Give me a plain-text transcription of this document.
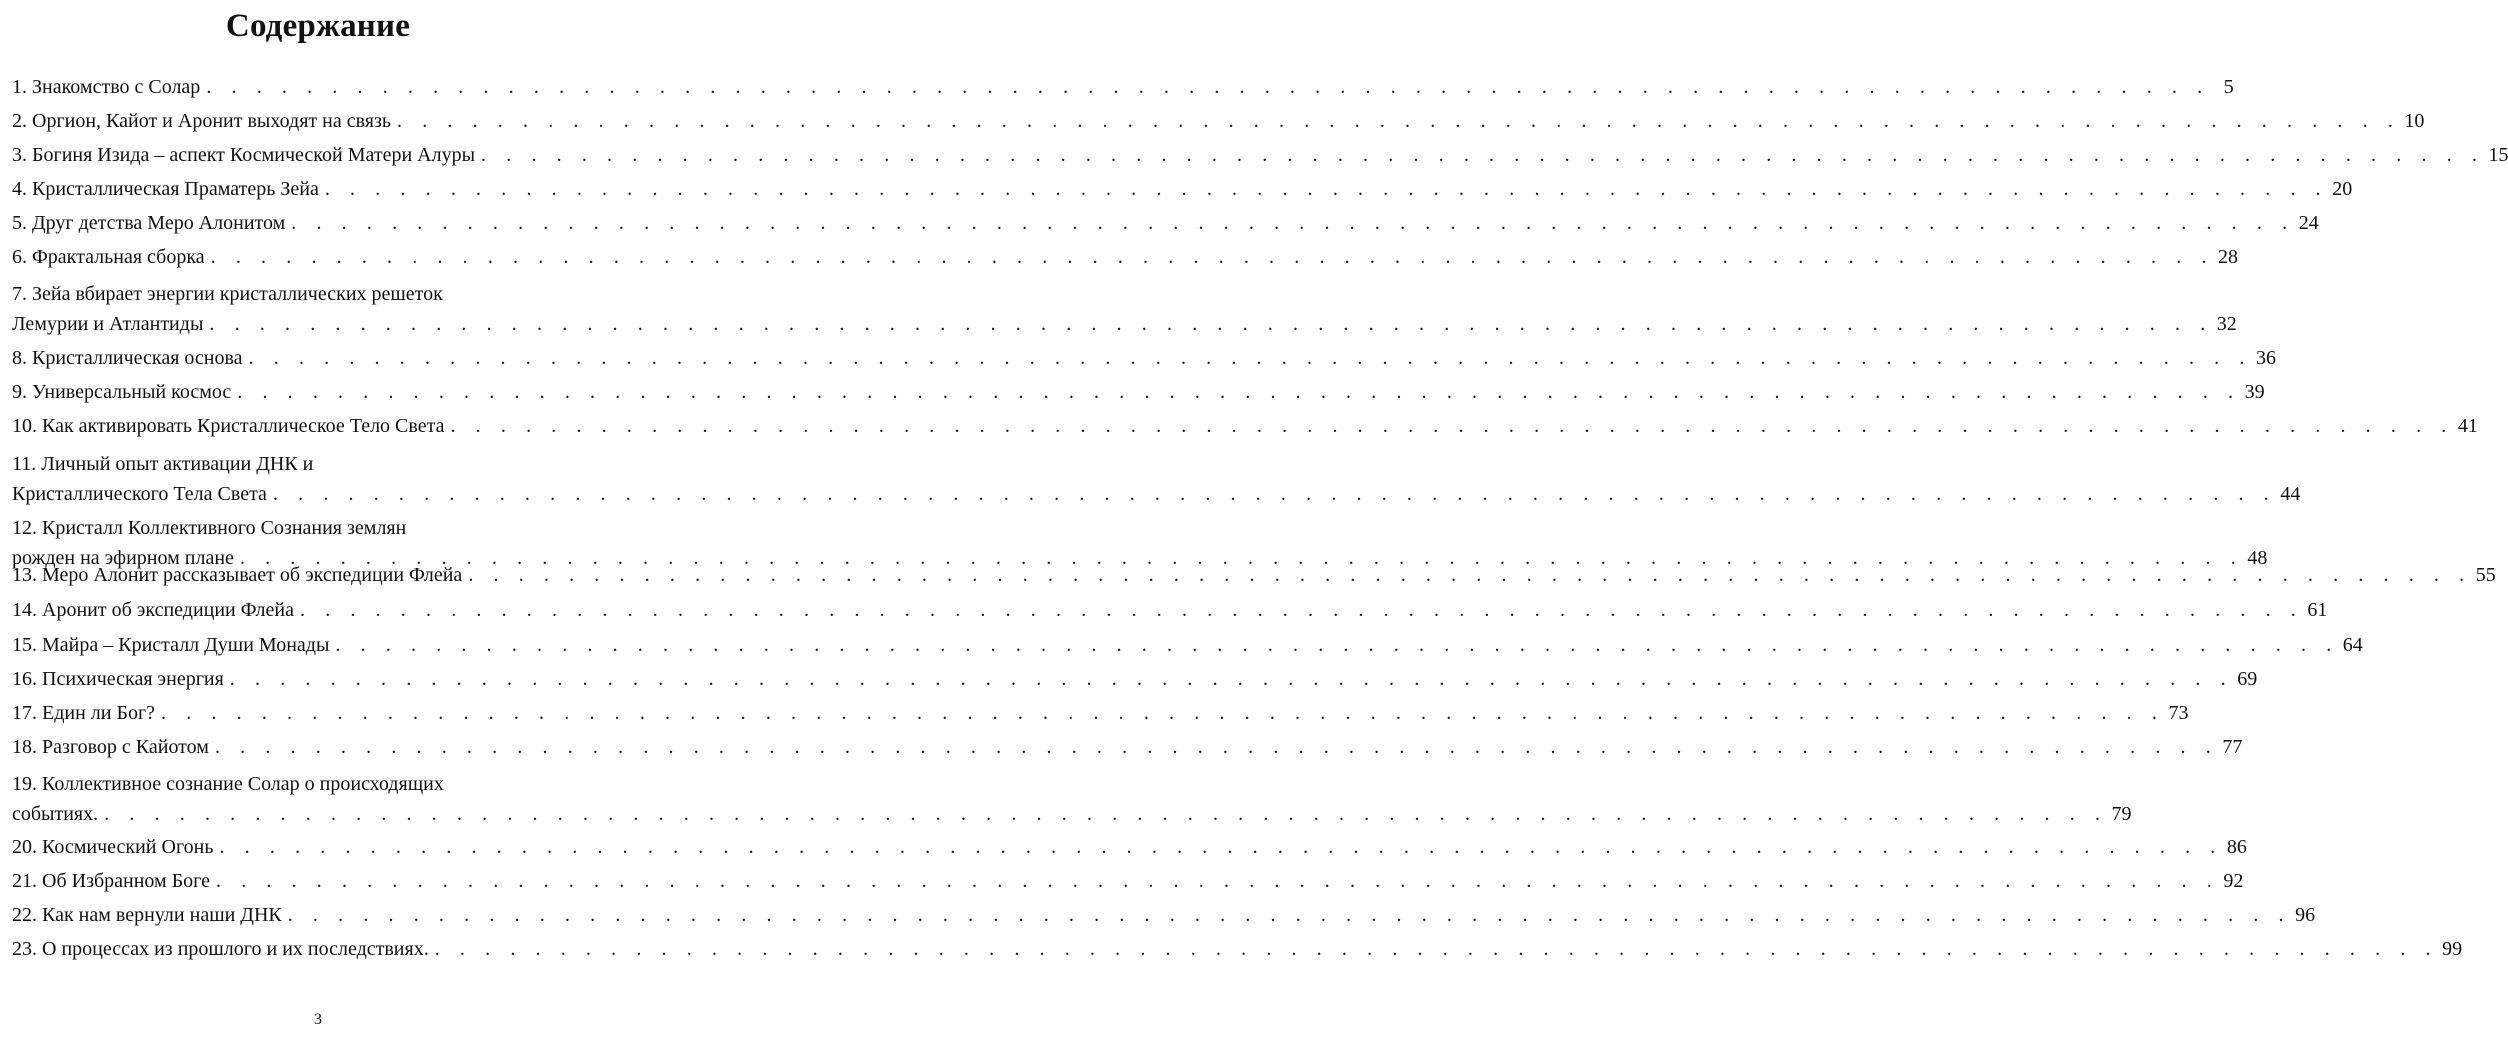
Содержание
1. Знакомство с Солар . . . . . . . . . . . . . . . . . . . . . . . . . . . . . . . . . . . . . . . . . . . . . . . . . . . . . . . . . . . . . . . . . . . . . . . . . . . . . . . . 5
2. Оргион, Кайот и Аронит выходят на связь . . . . . . . . . . . . . . . . . . . . . . . . . . . . . . . . . . . . . . . . . . . . . . . . . . . . . . . . . . . . . . . . . . . . . . . . . . . . . . . . 10
3. Богиня Изида – аспект Космической Матери Алуры . . . . . . . . . . . . . . . . . . . . . . . . . . . . . . . . . . . . . . . . . . . . . . . . . . . . . . . . . . . . . . . . . . . . . . . . . . . . . . . . 15
4. Кристаллическая Праматерь Зейа . . . . . . . . . . . . . . . . . . . . . . . . . . . . . . . . . . . . . . . . . . . . . . . . . . . . . . . . . . . . . . . . . . . . . . . . . . . . . . . . 20
5. Друг детства Меро Алонитом . . . . . . . . . . . . . . . . . . . . . . . . . . . . . . . . . . . . . . . . . . . . . . . . . . . . . . . . . . . . . . . . . . . . . . . . . . . . . . . . 24
6. Фрактальная сборка . . . . . . . . . . . . . . . . . . . . . . . . . . . . . . . . . . . . . . . . . . . . . . . . . . . . . . . . . . . . . . . . . . . . . . . . . . . . . . . . 28
7. Зейа вбирает энергии кристаллических решеток
Лемурии и Атлантиды . . . . . . . . . . . . . . . . . . . . . . . . . . . . . . . . . . . . . . . . . . . . . . . . . . . . . . . . . . . . . . . . . . . . . . . . . . . . . . . . 32
8. Кристаллическая основа . . . . . . . . . . . . . . . . . . . . . . . . . . . . . . . . . . . . . . . . . . . . . . . . . . . . . . . . . . . . . . . . . . . . . . . . . . . . . . . . 36
9. Универсальный космос . . . . . . . . . . . . . . . . . . . . . . . . . . . . . . . . . . . . . . . . . . . . . . . . . . . . . . . . . . . . . . . . . . . . . . . . . . . . . . . . 39
10. Как активировать Кристаллическое Тело Света . . . . . . . . . . . . . . . . . . . . . . . . . . . . . . . . . . . . . . . . . . . . . . . . . . . . . . . . . . . . . . . . . . . . . . . . . . . . . . . . 41
11. Личный опыт активации ДНК и
Кристаллического Тела Света . . . . . . . . . . . . . . . . . . . . . . . . . . . . . . . . . . . . . . . . . . . . . . . . . . . . . . . . . . . . . . . . . . . . . . . . . . . . . . . . 44
12. Кристалл Коллективного Сознания землян
рожден на эфирном плане . . . . . . . . . . . . . . . . . . . . . . . . . . . . . . . . . . . . . . . . . . . . . . . . . . . . . . . . . . . . . . . . . . . . . . . . . . . . . . . . 48
13. Меро Алонит рассказывает об экспедиции Флейа . . . . . . . . . . . . . . . . . . . . . . . . . . . . . . . . . . . . . . . . . . . . . . . . . . . . . . . . . . . . . . . . . . . . . . . . . . . . . . . . 55
14. Аронит об экспедиции Флейа . . . . . . . . . . . . . . . . . . . . . . . . . . . . . . . . . . . . . . . . . . . . . . . . . . . . . . . . . . . . . . . . . . . . . . . . . . . . . . . . 61
15. Майра – Кристалл Души Монады . . . . . . . . . . . . . . . . . . . . . . . . . . . . . . . . . . . . . . . . . . . . . . . . . . . . . . . . . . . . . . . . . . . . . . . . . . . . . . . . 64
16. Психическая энергия . . . . . . . . . . . . . . . . . . . . . . . . . . . . . . . . . . . . . . . . . . . . . . . . . . . . . . . . . . . . . . . . . . . . . . . . . . . . . . . . 69
17. Един ли Бог? . . . . . . . . . . . . . . . . . . . . . . . . . . . . . . . . . . . . . . . . . . . . . . . . . . . . . . . . . . . . . . . . . . . . . . . . . . . . . . . . 73
18. Разговор с Кайотом . . . . . . . . . . . . . . . . . . . . . . . . . . . . . . . . . . . . . . . . . . . . . . . . . . . . . . . . . . . . . . . . . . . . . . . . . . . . . . . . 77
19. Коллективное сознание Солар о происходящих
событиях. . . . . . . . . . . . . . . . . . . . . . . . . . . . . . . . . . . . . . . . . . . . . . . . . . . . . . . . . . . . . . . . . . . . . . . . . . . . . . . . . 79
20. Космический Огонь . . . . . . . . . . . . . . . . . . . . . . . . . . . . . . . . . . . . . . . . . . . . . . . . . . . . . . . . . . . . . . . . . . . . . . . . . . . . . . . . 86
21. Об Избранном Боге . . . . . . . . . . . . . . . . . . . . . . . . . . . . . . . . . . . . . . . . . . . . . . . . . . . . . . . . . . . . . . . . . . . . . . . . . . . . . . . . 92
22. Как нам вернули наши ДНК . . . . . . . . . . . . . . . . . . . . . . . . . . . . . . . . . . . . . . . . . . . . . . . . . . . . . . . . . . . . . . . . . . . . . . . . . . . . . . . . 96
23. О процессах из прошлого и их последствиях. . . . . . . . . . . . . . . . . . . . . . . . . . . . . . . . . . . . . . . . . . . . . . . . . . . . . . . . . . . . . . . . . . . . . . . . . . . . . . . . . 99
3
